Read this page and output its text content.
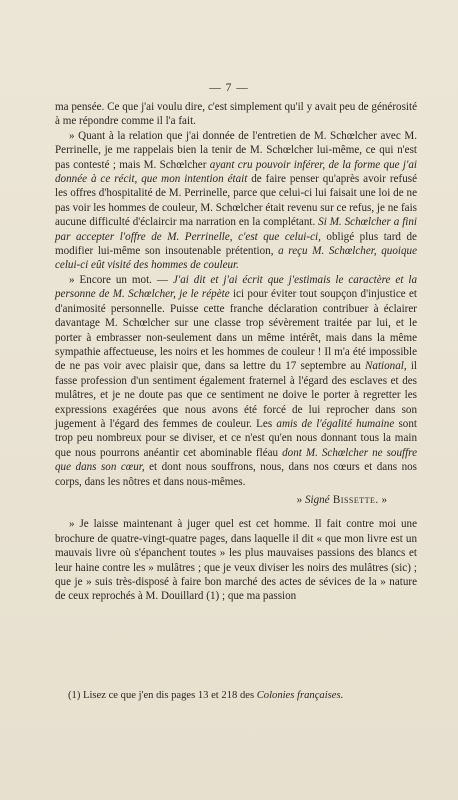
— 7 —

ma pensée. Ce que j'ai voulu dire, c'est simplement qu'il y avait peu de générosité à me répondre comme il l'a fait.

» Quant à la relation que j'ai donnée de l'entretien de M. Schœlcher avec M. Perrinelle, je me rappelais bien la tenir de M. Schœlcher lui-même, ce qui n'est pas contesté ; mais M. Schœlcher ayant cru pouvoir inférer, de la forme que j'ai donnée à ce récit, que mon intention était de faire penser qu'après avoir refusé les offres d'hospitalité de M. Perrinelle, parce que celui-ci lui faisait une loi de ne pas voir les hommes de couleur, M. Schœlcher était revenu sur ce refus, je ne fais aucune difficulté d'éclaircir ma narration en la complétant. Si M. Schœlcher a fini par accepter l'offre de M. Perrinelle, c'est que celui-ci, obligé plus tard de modifier lui-même son insoutenable prétention, a reçu M. Schœlcher, quoique celui-ci eût visité des hommes de couleur.

» Encore un mot. — J'ai dit et j'ai écrit que j'estimais le caractère et la personne de M. Schœlcher, je le répète ici pour éviter tout soupçon d'injustice et d'animosité personnelle. Puisse cette franche déclaration contribuer à éclairer davantage M. Schœlcher sur une classe trop sévèrement traitée par lui, et le porter à embrasser non-seulement dans un même intérêt, mais dans la même sympathie affectueuse, les noirs et les hommes de couleur ! Il m'a été impossible de ne pas voir avec plaisir que, dans sa lettre du 17 septembre au National, il fasse profession d'un sentiment également fraternel à l'égard des esclaves et des mulâtres, et je ne doute pas que ce sentiment ne doive le porter à regretter les expressions exagérées que nous avons été forcé de lui reprocher dans son jugement à l'égard des femmes de couleur. Les amis de l'égalité humaine sont trop peu nombreux pour se diviser, et ce n'est qu'en nous donnant tous la main que nous pourrons anéantir cet abominable fléau dont M. Schœlcher ne souffre que dans son cœur, et dont nous souffrons, nous, dans nos cœurs et dans nos corps, dans les nôtres et dans nous-mêmes.

» Signé Bissette. »

» Je laisse maintenant à juger quel est cet homme. Il fait contre moi une brochure de quatre-vingt-quatre pages, dans laquelle il dit « que mon livre est un mauvais livre où s'épanchent toutes » les plus mauvaises passions des blancs et leur haine contre les » mulâtres ; que je veux diviser les noirs des mulâtres (sic) ; que je » suis très-disposé à faire bon marché des actes de sévices de la » nature de ceux reprochés à M. Douillard (1) ; que ma passion

(1) Lisez ce que j'en dis pages 13 et 218 des Colonies françaises.
